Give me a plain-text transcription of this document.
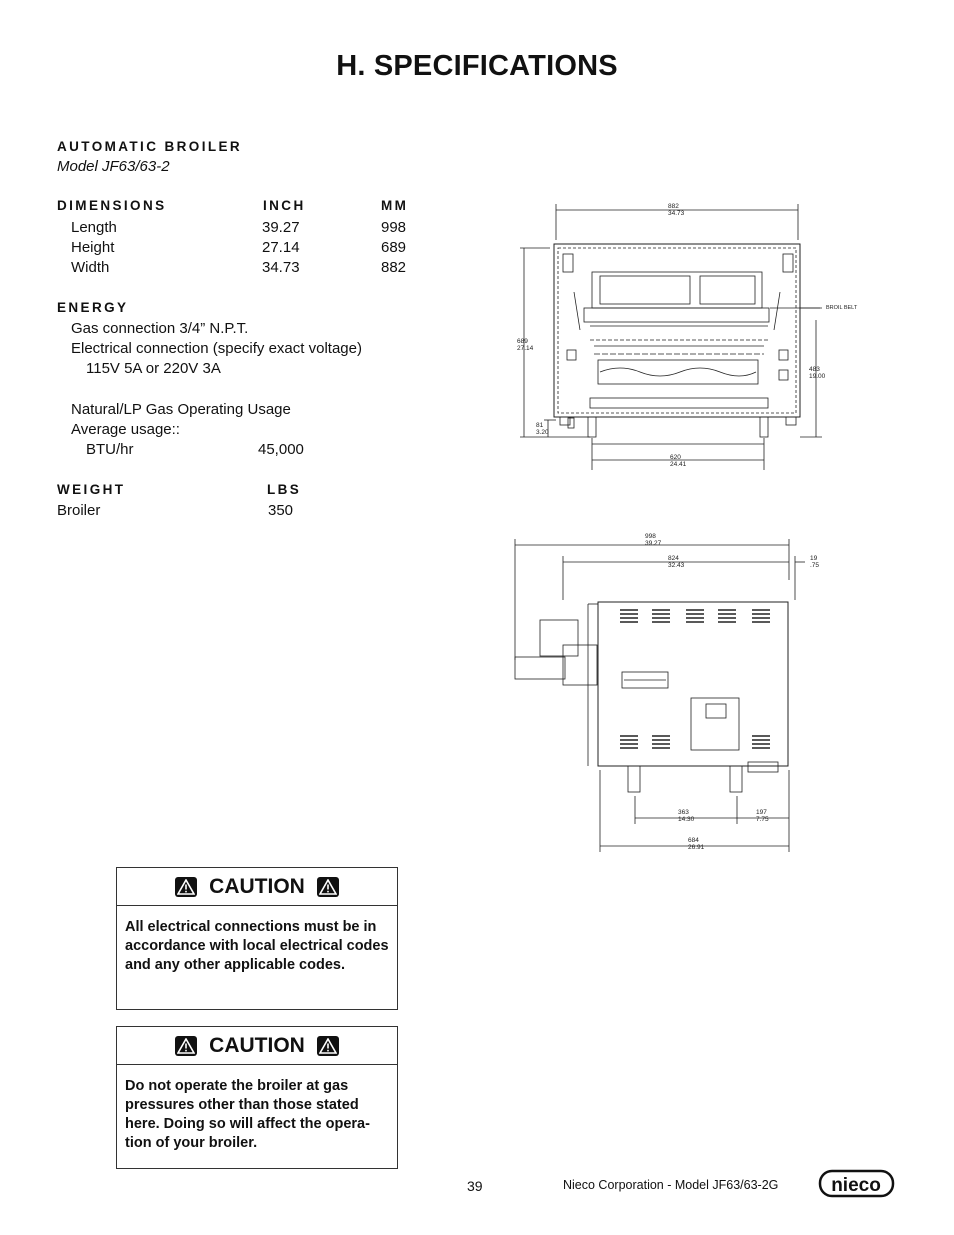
H. SPECIFICATIONS
AUTOMATIC BROILER
Model JF63/63-2
DIMENSIONS	INCH	MM
Length	39.27	998
Height	27.14	689
Width	34.73	882
ENERGY
Gas connection 3/4” N.P.T.
Electrical connection (specify exact voltage)
115V 5A or 220V 3A
Natural/LP Gas Operating Usage
Average usage::
BTU/hr	45,000
WEIGHT	LBS
Broiler	350
882
34.73
689
27.14
81
3.20
620
24.41
483
19.00
BROIL BELT
998
39.27
824
32.43
19
.75
363
14.30
197
7.75
684
26.91
CAUTION
All electrical connections must be in accordance with local electrical codes and any other applicable codes.
CAUTION
Do not operate the broiler at gas pressures other than those stated here. Doing so will affect the opera-tion of your broiler.
39	Nieco Corporation - Model JF63/63-2G	nieco
